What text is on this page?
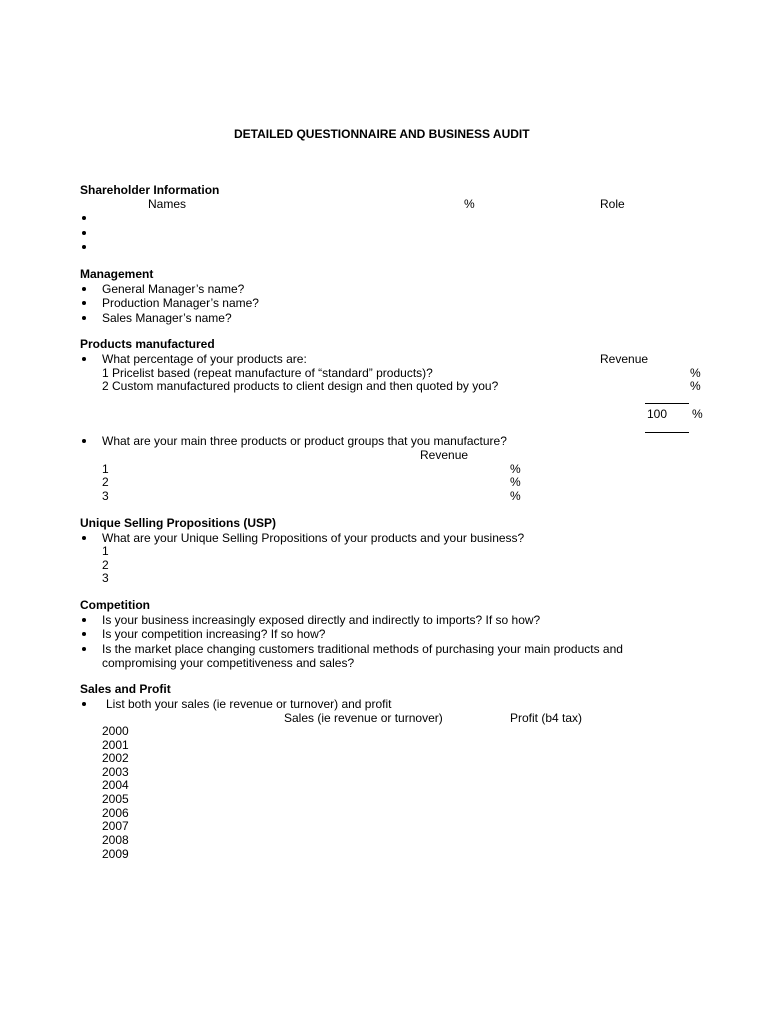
DETAILED QUESTIONNAIRE AND BUSINESS AUDIT
Shareholder Information
Names	%	Role
Management
General Manager’s name?
Production Manager’s name?
Sales Manager’s name?
Products manufactured
What percentage of your products are:	Revenue
1 Pricelist based (repeat manufacture of “standard” products)?	%
2 Custom manufactured products to client design and then quoted by you?	%
100 %
What are your main three products or product groups that you manufacture?
Revenue
1	%
2	%
3	%
Unique Selling Propositions (USP)
What are your Unique Selling Propositions of your products and your business?
1
2
3
Competition
Is your business increasingly exposed directly and indirectly to imports? If so how?
Is your competition increasing? If so how?
Is the market place changing customers traditional methods of purchasing your main products and
compromising your competitiveness and sales?
Sales and Profit
List both your sales (ie revenue or turnover) and profit
Sales (ie revenue or turnover)	Profit (b4 tax)
2000
2001
2002
2003
2004
2005
2006
2007
2008
2009
